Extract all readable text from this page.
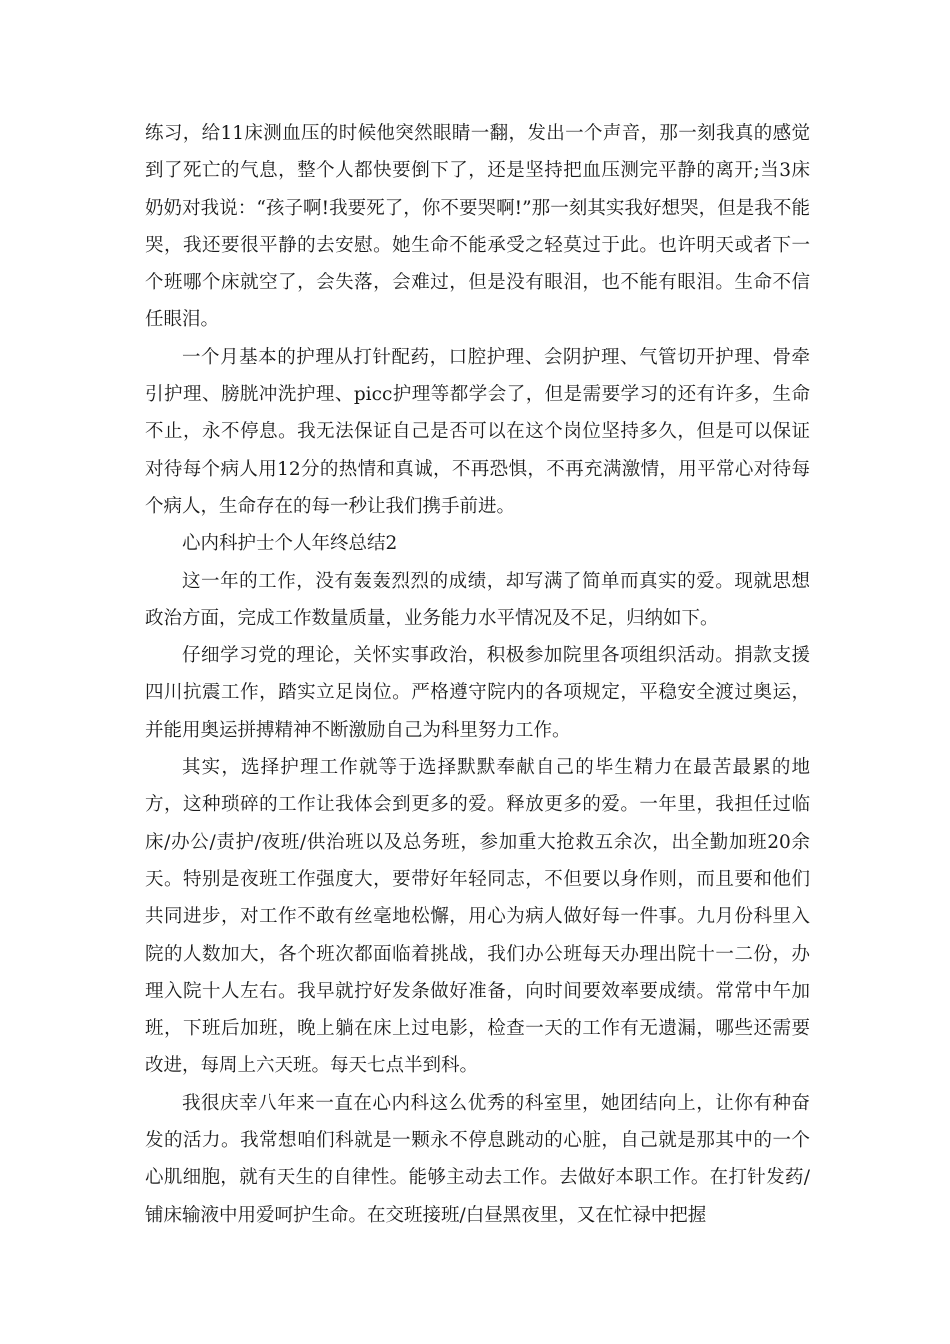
练习，给11床测血压的时候他突然眼睛一翻，发出一个声音，那一刻我真的感觉到了死亡的气息，整个人都快要倒下了，还是坚持把血压测完平静的离开;当3床奶奶对我说：“孩子啊!我要死了，你不要哭啊!”那一刻其实我好想哭，但是我不能哭，我还要很平静的去安慰。她生命不能承受之轻莫过于此。也许明天或者下一个班哪个床就空了，会失落，会难过，但是没有眼泪，也不能有眼泪。生命不信任眼泪。

一个月基本的护理从打针配药，口腔护理、会阴护理、气管切开护理、骨牵引护理、膀胱冲洗护理、picc护理等都学会了，但是需要学习的还有许多，生命不止，永不停息。我无法保证自己是否可以在这个岗位坚持多久，但是可以保证对待每个病人用12分的热情和真诚，不再恐惧，不再充满激情，用平常心对待每个病人，生命存在的每一秒让我们携手前进。

心内科护士个人年终总结2

这一年的工作，没有轰轰烈烈的成绩，却写满了简单而真实的爱。现就思想政治方面，完成工作数量质量，业务能力水平情况及不足，归纳如下。

仔细学习党的理论，关怀实事政治，积极参加院里各项组织活动。捐款支援四川抗震工作，踏实立足岗位。严格遵守院内的各项规定，平稳安全渡过奥运，并能用奥运拼搏精神不断激励自己为科里努力工作。

其实，选择护理工作就等于选择默默奉献自己的毕生精力在最苦最累的地方，这种琐碎的工作让我体会到更多的爱。释放更多的爱。一年里，我担任过临床/办公/责护/夜班/供治班以及总务班，参加重大抢救五余次，出全勤加班20余天。特别是夜班工作强度大，要带好年轻同志，不但要以身作则，而且要和他们共同进步，对工作不敢有丝毫地松懈，用心为病人做好每一件事。九月份科里入院的人数加大，各个班次都面临着挑战，我们办公班每天办理出院十一二份，办理入院十人左右。我早就拧好发条做好准备，向时间要效率要成绩。常常中午加班，下班后加班，晚上躺在床上过电影，检查一天的工作有无遗漏，哪些还需要改进，每周上六天班。每天七点半到科。

我很庆幸八年来一直在心内科这么优秀的科室里，她团结向上，让你有种奋发的活力。我常想咱们科就是一颗永不停息跳动的心脏，自己就是那其中的一个心肌细胞，就有天生的自律性。能够主动去工作。去做好本职工作。在打针发药/铺床输液中用爱呵护生命。在交班接班/白昼黑夜里，又在忙禄中把握
